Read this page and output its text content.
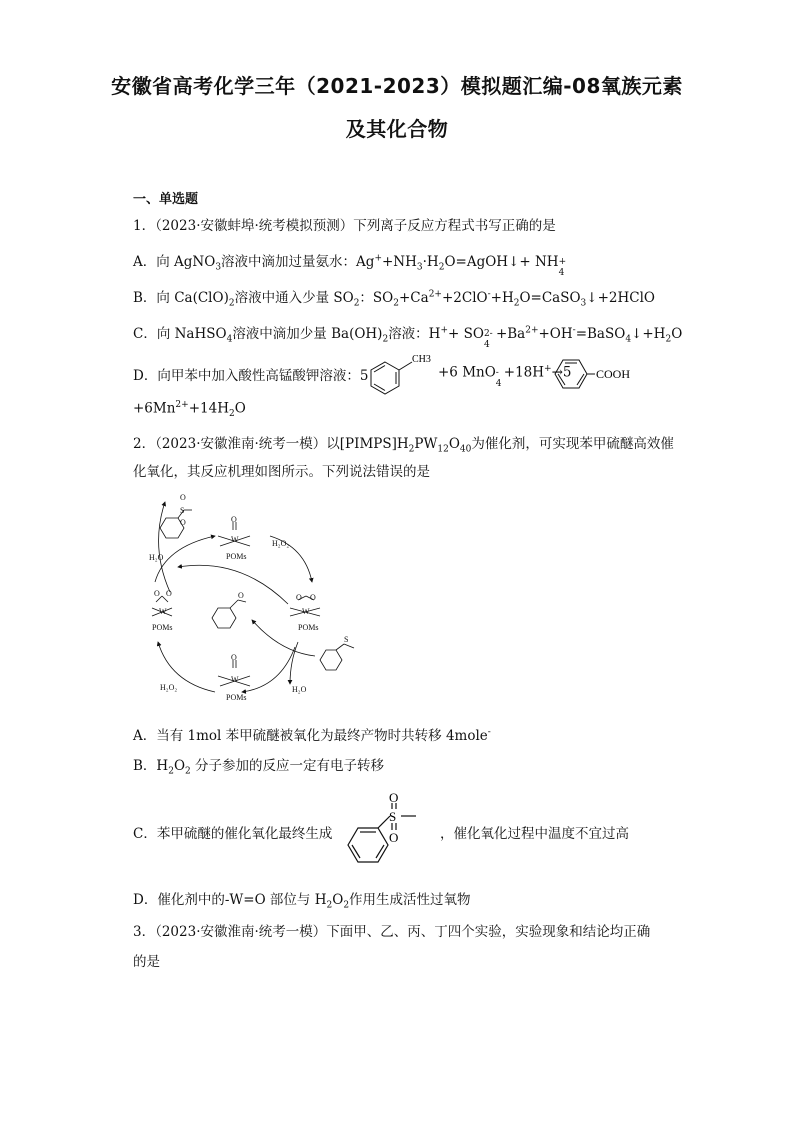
安徽省高考化学三年（2021-2023）模拟题汇编-08氧族元素
及其化合物
一、单选题
1．（2023·安徽蚌埠·统考模拟预测）下列离子反应方程式书写正确的是
A．向 AgNO$_3$溶液中滴加过量氨水：$Ag^++NH_3\cdot H_2O=AgOH↓+$ NH +
4
B．向 $Ca(ClO)_2$溶液中通入少量 $SO_2$：$SO_2+Ca^{2+}+2ClO^-+H_2O=CaSO_3↓+2HClO$
C．向 NaHSO$_4$溶液中滴加少量 $Ba(OH)_2$溶液：H++ SO 2-
4
$+Ba^{2+}+OH^-=BaSO_4↓+H_2O$
D．向甲苯中加入酸性高锰酸钾溶液：5
CH3
+6 MnO -
4
+18H+→5 COOH
$+6Mn^{2+}+14H_2O$
2．（2023·安徽淮南·统考一模）以$[PIMPS]H_2PW_{12}O_{40}$为催化剂，可实现苯甲硫醚高效催
化氧化，其反应机理如图所示。下列说法错误的是
O
S
O
H₂O
H₂O₂
O
W
POMs
O O
W
POMs
O O
W
POMs
O
S
H₂O₂
O
W
POMs
H₂O
A．当有 1mol 苯甲硫醚被氧化为最终产物时共转移 4mole-
B．$H_2O_2$ 分子参加的反应一定有电子转移
C．苯甲硫醚的催化氧化最终生成
O
S
O	，催化氧化过程中温度不宜过高
D．催化剂中的-W=O 部位与 $H_2O_2$作用生成活性过氧物
3．（2023·安徽淮南·统考一模）下面甲、乙、丙、丁四个实验，实验现象和结论均正确
的是
